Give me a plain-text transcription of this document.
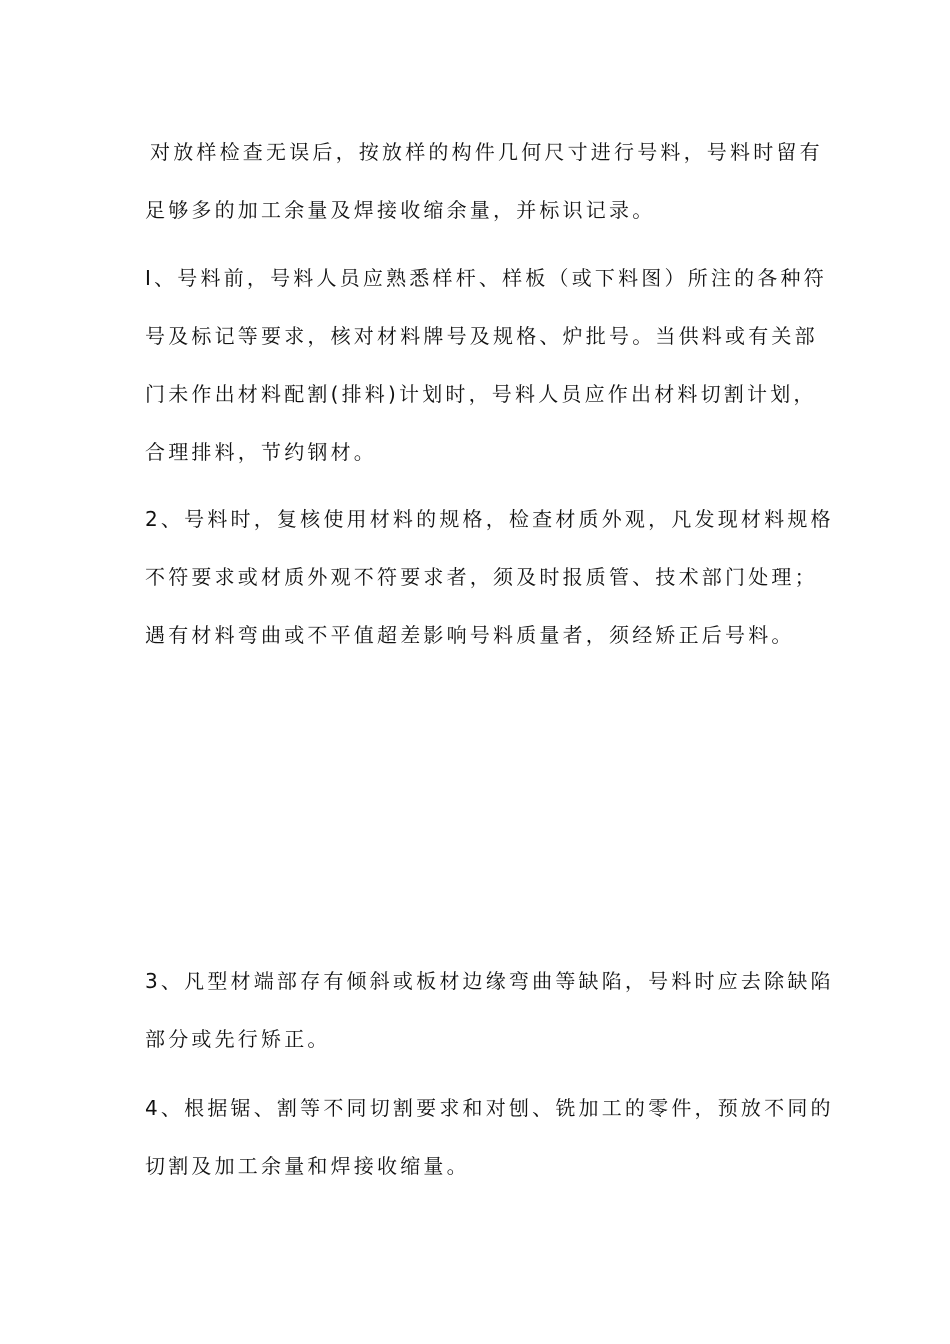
对放样检查无误后，按放样的构件几何尺寸进行号料，号料时留有
足够多的加工余量及焊接收缩余量，并标识记录。
I、号料前，号料人员应熟悉样杆、样板（或下料图）所注的各种符
号及标记等要求，核对材料牌号及规格、炉批号。当供料或有关部
门未作出材料配割(排料)计划时，号料人员应作出材料切割计划，
合理排料，节约钢材。
2、号料时，复核使用材料的规格，检查材质外观，凡发现材料规格
不符要求或材质外观不符要求者，须及时报质管、技术部门处理；
遇有材料弯曲或不平值超差影响号料质量者，须经矫正后号料。
3、凡型材端部存有倾斜或板材边缘弯曲等缺陷，号料时应去除缺陷
部分或先行矫正。
4、根据锯、割等不同切割要求和对刨、铣加工的零件，预放不同的
切割及加工余量和焊接收缩量。
